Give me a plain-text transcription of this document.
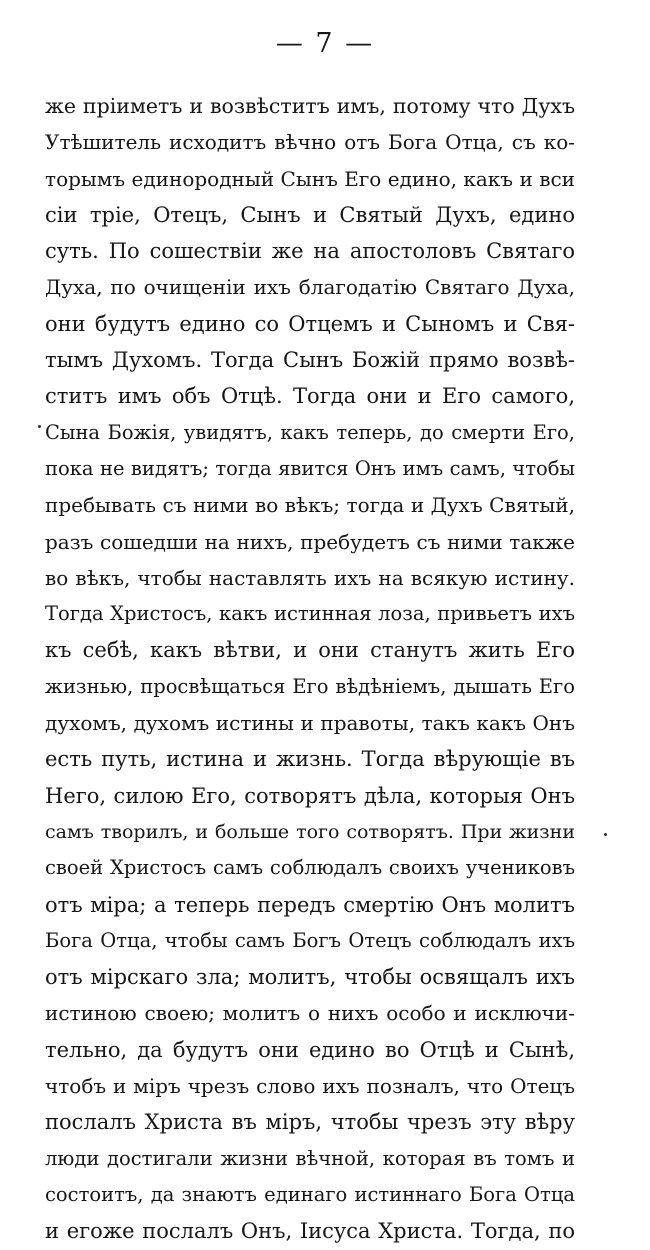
— 7 —
же пріиметъ и возвѣститъ имъ, потому что Духъ
Утѣшитель исходитъ вѣчно отъ Бога Отца, съ ко-
торымъ единородный Сынъ Его едино, какъ и вси
сіи тріе, Отецъ, Сынъ и Святый Духъ, едино
суть. По сошествіи же на апостоловъ Святаго
Духа, по очищеніи ихъ благодатію Святаго Духа,
они будутъ едино со Отцемъ и Сыномъ и Свя-
тымъ Духомъ. Тогда Сынъ Божій прямо возвѣ-
ститъ имъ объ Отцѣ. Тогда они и Его самого,
Сына Божія, увидятъ, какъ теперь, до смерти Его,
пока не видятъ; тогда явится Онъ имъ самъ, чтобы
пребывать съ ними во вѣкъ; тогда и Духъ Святый,
разъ сошедши на нихъ, пребудетъ съ ними также
во вѣкъ, чтобы наставлять ихъ на всякую истину.
Тогда Христосъ, какъ истинная лоза, привьетъ ихъ
къ себѣ, какъ вѣтви, и они станутъ жить Его
жизнью, просвѣщаться Его вѣдѣніемъ, дышать Его
духомъ, духомъ истины и правоты, такъ какъ Онъ
есть путь, истина и жизнь. Тогда вѣрующіе въ
Него, силою Его, сотворятъ дѣла, которыя Онъ
самъ творилъ, и больше того сотворятъ. При жизни
своей Христосъ самъ соблюдалъ своихъ учениковъ
отъ міра; а теперь передъ смертію Онъ молитъ
Бога Отца, чтобы самъ Богъ Отецъ соблюдалъ ихъ
отъ мірскаго зла; молитъ, чтобы освящалъ ихъ
истиною своею; молитъ о нихъ особо и исключи-
тельно, да будутъ они едино во Отцѣ и Сынѣ,
чтобъ и міръ чрезъ слово ихъ позналъ, что Отецъ
послалъ Христа въ міръ, чтобы чрезъ эту вѣру
люди достигали жизни вѣчной, которая въ томъ и
состоитъ, да знаютъ единаго истиннаго Бога Отца
и егоже послалъ Онъ, Іисуса Христа. Тогда, по
